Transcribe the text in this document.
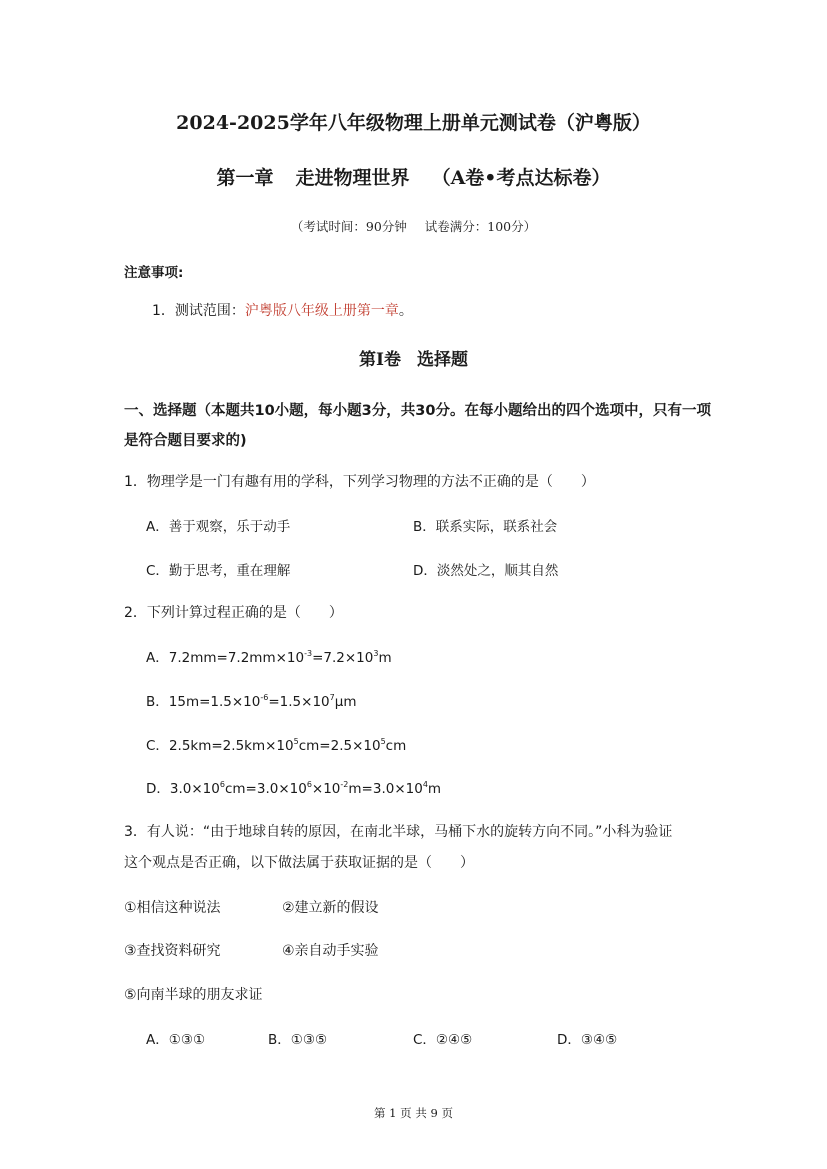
2024-2025学年八年级物理上册单元测试卷（沪粤版）
第一章 走进物理世界 （A卷•考点达标卷）
（考试时间：90分钟 试卷满分：100分）
注意事项:
1．测试范围：沪粤版八年级上册第一章。
第Ⅰ卷 选择题
一、选择题（本题共10小题，每小题3分，共30分。在每小题给出的四个选项中，只有一项是符合题目要求的)
1．物理学是一门有趣有用的学科，下列学习物理的方法不正确的是（　　）
A．善于观察，乐于动手	B．联系实际，联系社会
C．勤于思考，重在理解	D．淡然处之，顺其自然
2．下列计算过程正确的是（　　）
A．$7.2mm=7.2mm\times 10^{-3}=7.2\times 10^3m$
B．$15m=1.5\times 10^{-6}=1.5\times 10^7\mu m$
C．$2.5km=2.5km\times 10^5cm=2.5\times 10^5cm$
D．$3.0\times 10^6cm=3.0\times 10^6\times 10^{-2}m=3.0\times 10^4m$
3．有人说：“由于地球自转的原因，在南北半球，马桶下水的旋转方向不同。”小科为验证
这个观点是否正确，以下做法属于获取证据的是（　　）
①相信这种说法	②建立新的假设
③查找资料研究	④亲自动手实验
⑤向南半球的朋友求证
A．①③①	B．①③⑤	C．②④⑤	D．③④⑤
第 1 页 共 9 页
